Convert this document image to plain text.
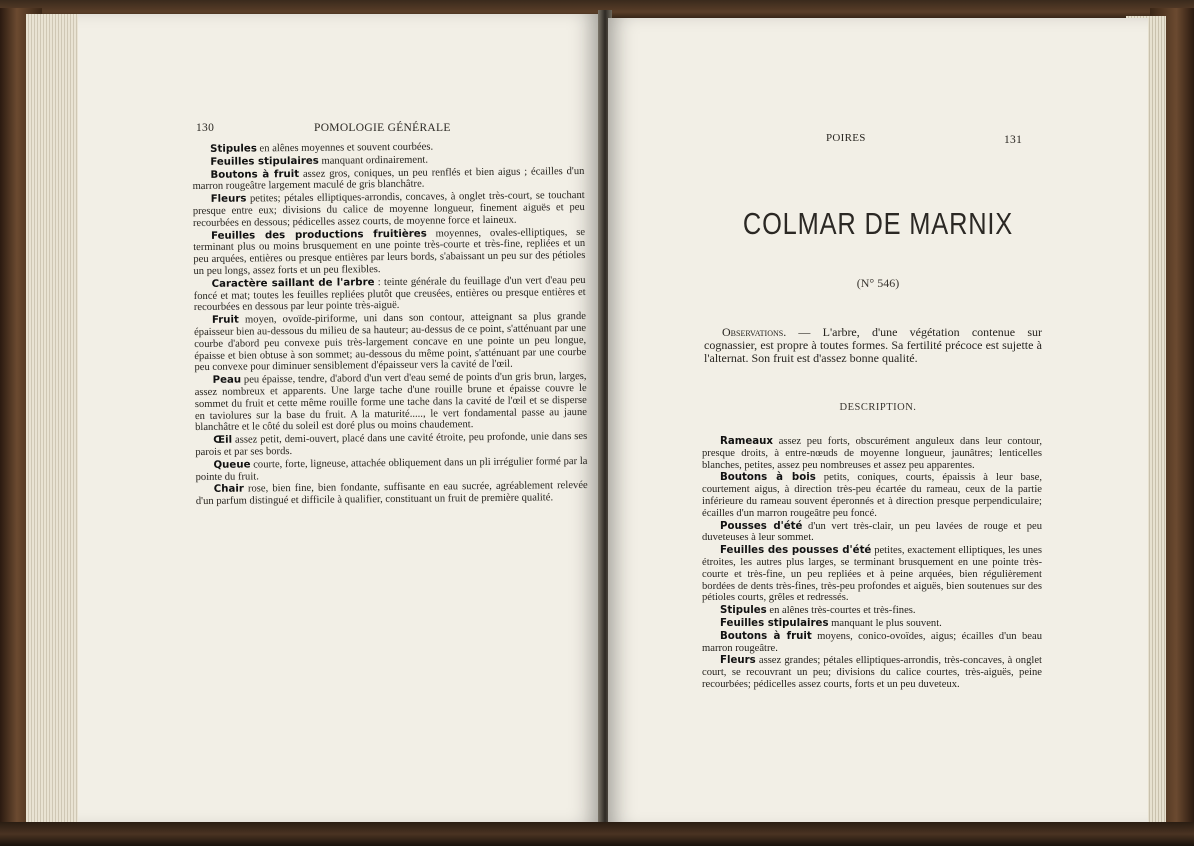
130	POMOLOGIE GÉNÉRALE

Stipules en alênes moyennes et souvent courbées.

Feuilles stipulaires manquant ordinairement.

Boutons à fruit assez gros, coniques, un peu renflés et bien aigus ; écailles d'un marron rougeâtre largement maculé de gris blanchâtre.

Fleurs petites; pétales elliptiques-arrondis, concaves, à onglet très-court, se touchant presque entre eux; divisions du calice de moyenne longueur, finement aiguës et peu recourbées en dessous; pédicelles assez courts, de moyenne force et laineux.

Feuilles des productions fruitières moyennes, ovales-elliptiques, se terminant plus ou moins brusquement en une pointe très-courte et très-fine, repliées et un peu arquées, entières ou presque entières par leurs bords, s'abaissant un peu sur des pétioles un peu longs, assez forts et un peu flexibles.

Caractère saillant de l'arbre : teinte générale du feuillage d'un vert d'eau peu foncé et mat; toutes les feuilles repliées plutôt que creusées, entières ou presque entières et recourbées en dessous par leur pointe très-aiguë.

Fruit moyen, ovoïde-piriforme, uni dans son contour, atteignant sa plus grande épaisseur bien au-dessous du milieu de sa hauteur; au-dessus de ce point, s'atténuant par une courbe d'abord peu convexe puis très-largement concave en une pointe un peu longue, épaisse et bien obtuse à son sommet; au-dessous du même point, s'atténuant par une courbe peu convexe pour diminuer sensiblement d'épaisseur vers la cavité de l'œil.

Peau peu épaisse, tendre, d'abord d'un vert d'eau semé de points d'un gris brun, larges, assez nombreux et apparents. Une large tache d'une rouille brune et épaisse couvre le sommet du fruit et cette même rouille forme une tache dans la cavité de l'œil et se disperse en taviolures sur la base du fruit. A la maturité....., le vert fondamental passe au jaune blanchâtre et le côté du soleil est doré plus ou moins chaudement.

Œil assez petit, demi-ouvert, placé dans une cavité étroite, peu profonde, unie dans ses parois et par ses bords.

Queue courte, forte, ligneuse, attachée obliquement dans un pli irrégulier formé par la pointe du fruit.

Chair rose, bien fine, bien fondante, suffisante en eau sucrée, agréablement relevée d'un parfum distingué et difficile à qualifier, constituant un fruit de première qualité.

POIRES	131
COLMAR DE MARNIX
(N° 546)

Observations. — L'arbre, d'une végétation contenue sur cognassier, est propre à toutes formes. Sa fertilité précoce est sujette à l'alternat. Son fruit est d'assez bonne qualité.

DESCRIPTION.

Rameaux assez peu forts, obscurément anguleux dans leur contour, presque droits, à entre-nœuds de moyenne longueur, jaunâtres; lenticelles blanches, petites, assez peu nombreuses et assez peu apparentes.

Boutons à bois petits, coniques, courts, épaissis à leur base, courtement aigus, à direction très-peu écartée du rameau, ceux de la partie inférieure du rameau souvent éperonnés et à direction presque perpendiculaire; écailles d'un marron rougeâtre peu foncé.

Pousses d'été d'un vert très-clair, un peu lavées de rouge et peu duveteuses à leur sommet.

Feuilles des pousses d'été petites, exactement elliptiques, les unes étroites, les autres plus larges, se terminant brusquement en une pointe très-courte et très-fine, un peu repliées et à peine arquées, bien régulièrement bordées de dents très-fines, très-peu profondes et aiguës, bien soutenues sur des pétioles courts, grêles et redressés.

Stipules en alênes très-courtes et très-fines.

Feuilles stipulaires manquant le plus souvent.

Boutons à fruit moyens, conico-ovoïdes, aigus; écailles d'un beau marron rougeâtre.

Fleurs assez grandes; pétales elliptiques-arrondis, très-concaves, à onglet court, se recouvrant un peu; divisions du calice courtes, très-aiguës, peine recourbées; pédicelles assez courts, forts et un peu duveteux.
